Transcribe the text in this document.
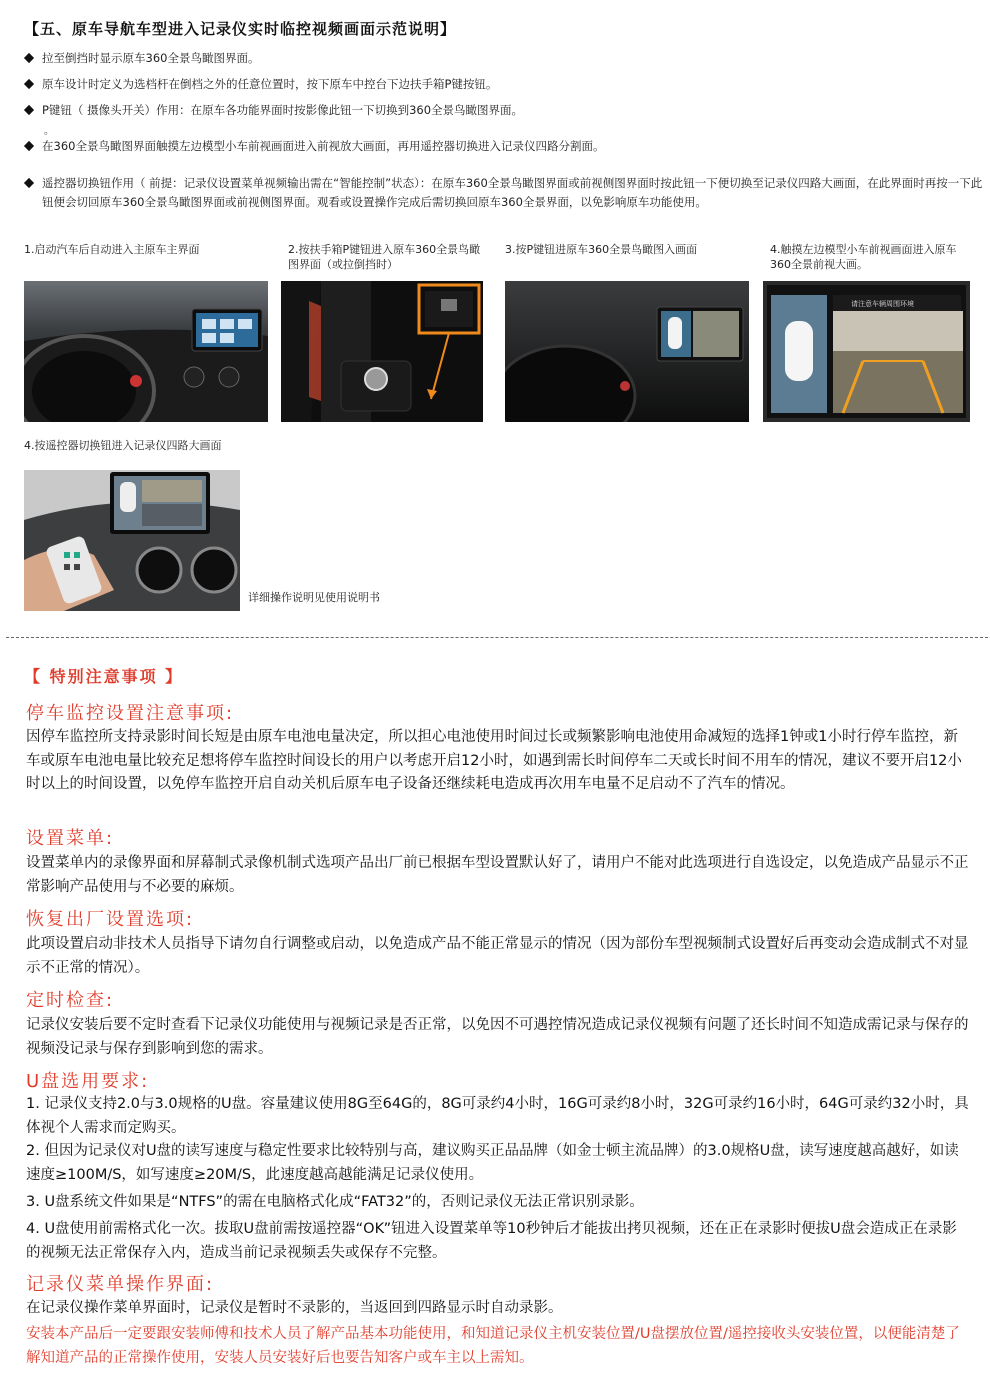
【五、原车导航车型进入记录仪实时临控视频画面示范说明】
拉至倒挡时显示原车360全景鸟瞰图界面。
原车设计时定义为选档杆在倒档之外的任意位置时，按下原车中控台下边扶手箱P键按钮。
P键钮（ 摄像头开关）作用：在原车各功能界面时按影像此钮一下切换到360全景鸟瞰图界面。
。
在360全景鸟瞰图界面触摸左边模型小车前视画面进入前视放大画面，再用遥控器切换进入记录仪四路分割面。
遥控器切换钮作用（ 前提：记录仪设置菜单视频输出需在“智能控制”状态）：在原车360全景鸟瞰图界面或前视侧图界面时按此钮一下便切换至记录仪四路大画面，在此界面时再按一下此钮便会切回原车360全景鸟瞰图界面或前视侧图界面。观看或设置操作完成后需切换回原车360全景界面，以免影响原车功能使用。
1.启动汽车后自动进入主原车主界面	2.按扶手箱P键钮进入原车360全景鸟瞰图界面（或拉倒挡时）
3.按P键钮进原车360全景鸟瞰图入画面	4.触摸左边模型小车前视画面进入原车360全景前视大画。
请注意车辆周围环境
4.按遥控器切换钮进入记录仪四路大画面
详细操作说明见使用说明书
【 特别注意事项 】
停车监控设置注意事项:
因停车监控所支持录影时间长短是由原车电池电量决定，所以担心电池使用时间过长或频繁影响电池使用命减短的选择1钟或1小时行停车监控，新车或原车电池电量比较充足想将停车监控时间设长的用户以考虑开启12小时，如遇到需长时间停车二天或长时间不用车的情况，建议不要开启12小时以上的时间设置，以免停车监控开启自动关机后原车电子设备还继续耗电造成再次用车电量不足启动不了汽车的情况。
设置菜单:
设置菜单内的录像界面和屏幕制式录像机制式选项产品出厂前已根据车型设置默认好了，请用户不能对此选项进行自选设定，以免造成产品显示不正常影响产品使用与不必要的麻烦。
恢复出厂设置选项:
此项设置启动非技术人员指导下请勿自行调整或启动，以免造成产品不能正常显示的情况（因为部份车型视频制式设置好后再变动会造成制式不对显示不正常的情况）。
定时检查:
记录仪安装后要不定时查看下记录仪功能使用与视频记录是否正常，以免因不可遇控情况造成记录仪视频有问题了还长时间不知造成需记录与保存的视频没记录与保存到影响到您的需求。
U盘选用要求:
1. 记录仪支持2.0与3.0规格的U盘。容量建议使用8G至64G的，8G可录约4小时，16G可录约8小时，32G可录约16小时，64G可录约32小时，具体视个人需求而定购买。
2. 但因为记录仪对U盘的读写速度与稳定性要求比较特别与高，建议购买正品品牌（如金士顿主流品牌）的3.0规格U盘，读写速度越高越好，如读速度≥100M/S，如写速度≥20M/S，此速度越高越能满足记录仪使用。
3. U盘系统文件如果是“NTFS”的需在电脑格式化成“FAT32”的，否则记录仪无法正常识别录影。
4. U盘使用前需格式化一次。拔取U盘前需按遥控器“OK”钮进入设置菜单等10秒钟后才能拔出拷贝视频，还在正在录影时便拔U盘会造成正在录影的视频无法正常保存入内，造成当前记录视频丢失或保存不完整。
记录仪菜单操作界面:
在记录仪操作菜单界面时，记录仪是暂时不录影的，当返回到四路显示时自动录影。
安装本产品后一定要跟安装师傅和技术人员了解产品基本功能使用，和知道记录仪主机安装位置/U盘摆放位置/遥控接收头安装位置，以便能清楚了解知道产品的正常操作使用，安装人员安装好后也要告知客户或车主以上需知。
